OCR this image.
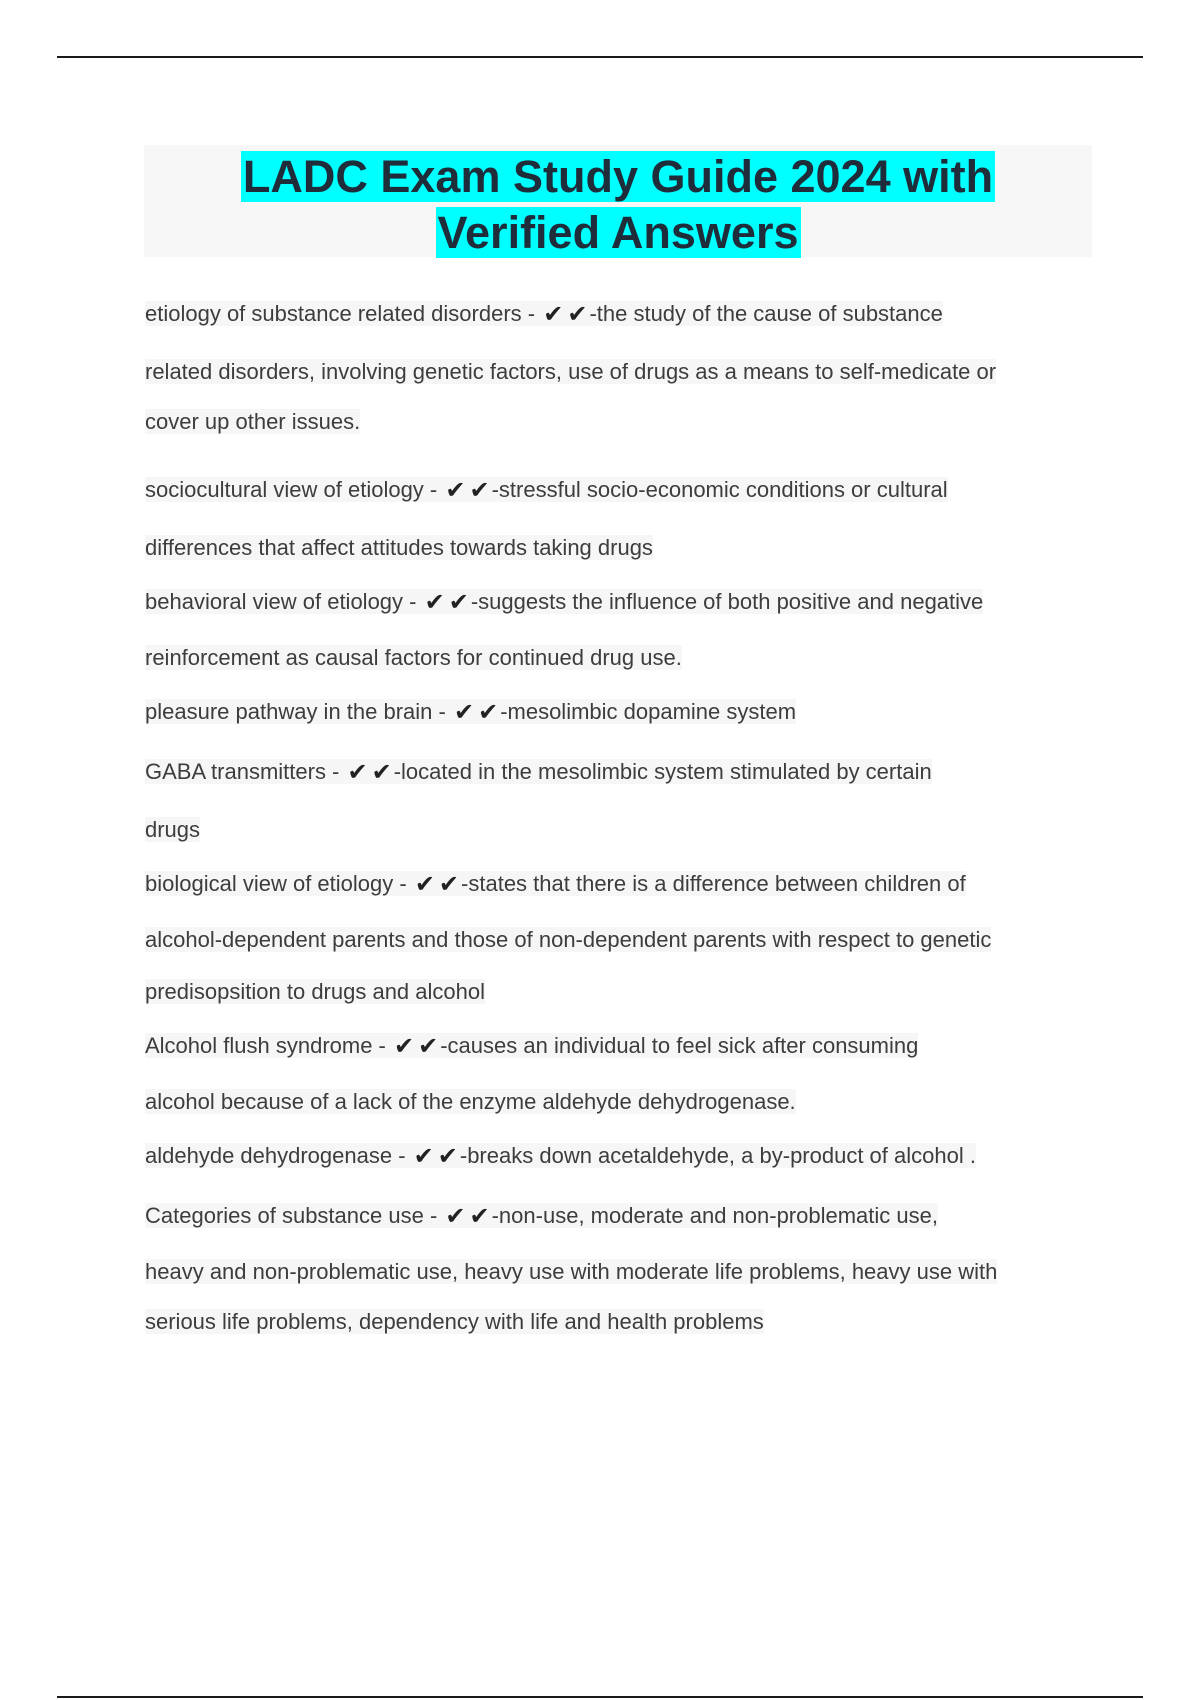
LADC Exam Study Guide 2024 with
Verified Answers
etiology of substance related disorders - ✔ ✔-the study of the cause of substance
related disorders, involving genetic factors, use of drugs as a means to self-medicate or
cover up other issues.
sociocultural view of etiology - ✔ ✔-stressful socio-economic conditions or cultural
differences that affect attitudes towards taking drugs
behavioral view of etiology - ✔ ✔-suggests the influence of both positive and negative
reinforcement as causal factors for continued drug use.
pleasure pathway in the brain - ✔ ✔-mesolimbic dopamine system
GABA transmitters - ✔ ✔-located in the mesolimbic system stimulated by certain
drugs
biological view of etiology - ✔ ✔-states that there is a difference between children of
alcohol-dependent parents and those of non-dependent parents with respect to genetic
predisopsition to drugs and alcohol
Alcohol flush syndrome - ✔ ✔-causes an individual to feel sick after consuming
alcohol because of a lack of the enzyme aldehyde dehydrogenase.
aldehyde dehydrogenase - ✔ ✔-breaks down acetaldehyde, a by-product of alcohol .
Categories of substance use - ✔ ✔-non-use, moderate and non-problematic use,
heavy and non-problematic use, heavy use with moderate life problems, heavy use with
serious life problems, dependency with life and health problems
